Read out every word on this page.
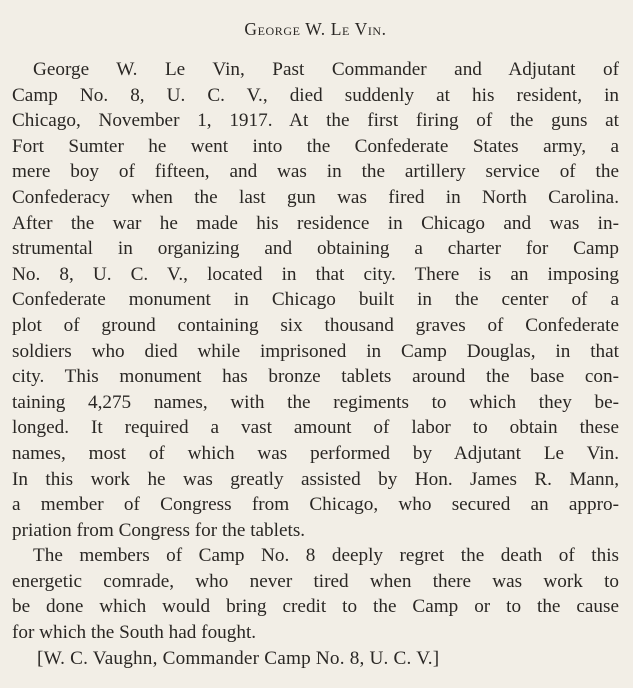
George W. Le Vin.
George W. Le Vin, Past Commander and Adjutant of
Camp No. 8, U. C. V., died suddenly at his resident, in
Chicago, November 1, 1917. At the first firing of the guns at
Fort Sumter he went into the Confederate States army, a
mere boy of fifteen, and was in the artillery service of the
Confederacy when the last gun was fired in North Carolina.
After the war he made his residence in Chicago and was in-
strumental in organizing and obtaining a charter for Camp
No. 8, U. C. V., located in that city. There is an imposing
Confederate monument in Chicago built in the center of a
plot of ground containing six thousand graves of Confederate
soldiers who died while imprisoned in Camp Douglas, in that
city. This monument has bronze tablets around the base con-
taining 4,275 names, with the regiments to which they be-
longed. It required a vast amount of labor to obtain these
names, most of which was performed by Adjutant Le Vin.
In this work he was greatly assisted by Hon. James R. Mann,
a member of Congress from Chicago, who secured an appro-
priation from Congress for the tablets.
The members of Camp No. 8 deeply regret the death of this
energetic comrade, who never tired when there was work to
be done which would bring credit to the Camp or to the cause
for which the South had fought.
[W. C. Vaughn, Commander Camp No. 8, U. C. V.]
